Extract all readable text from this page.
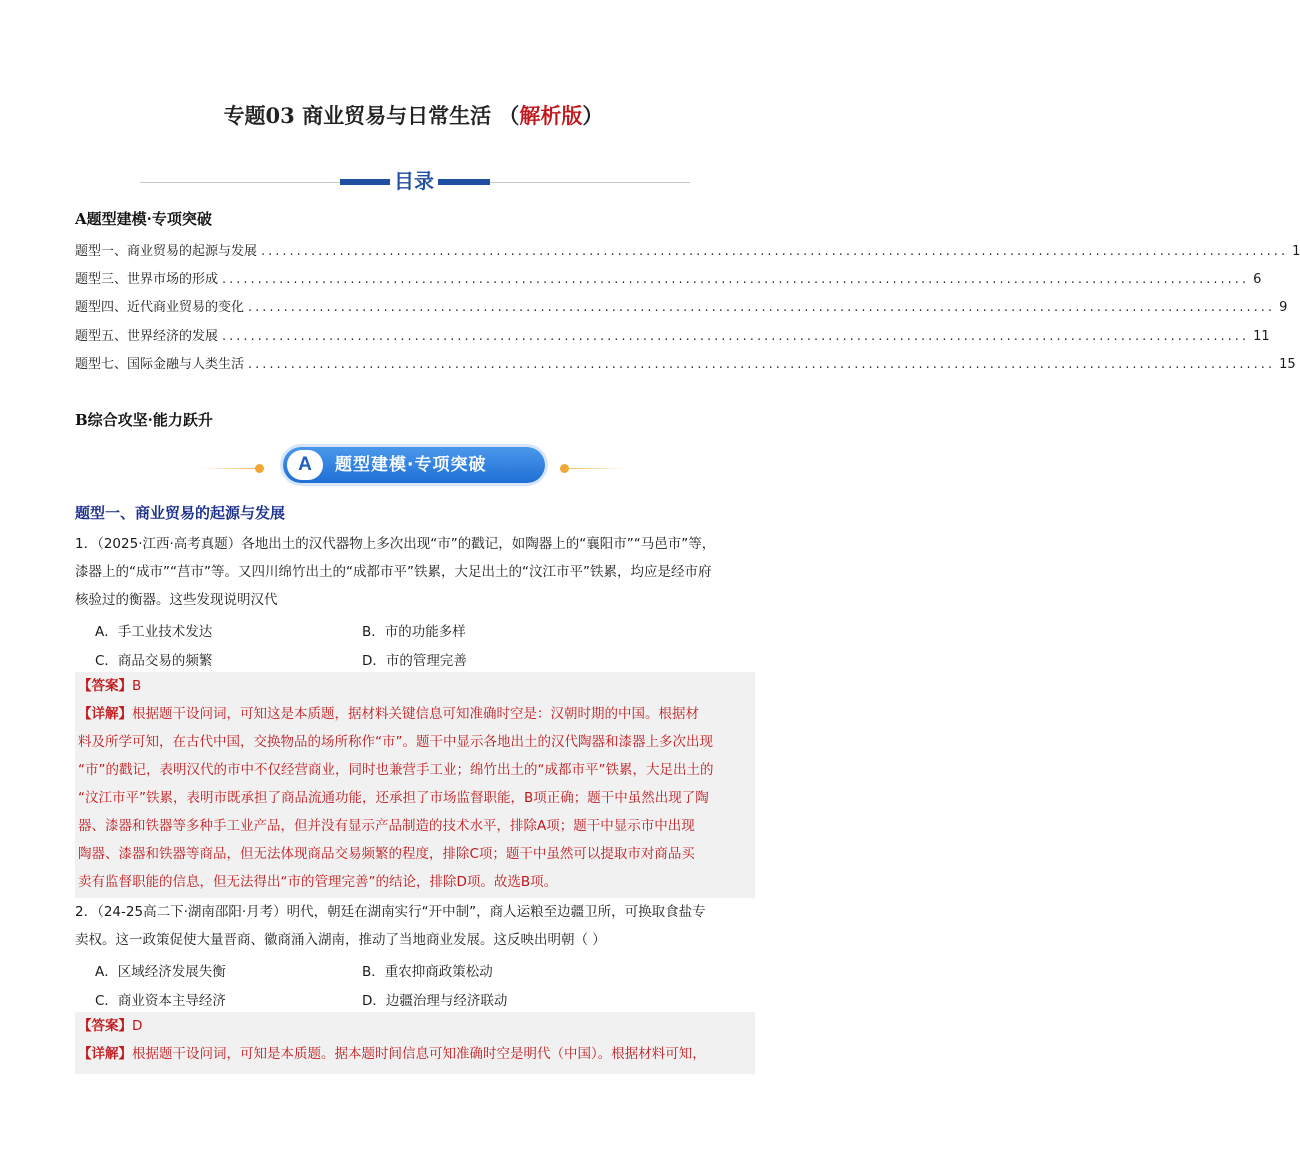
专题03 商业贸易与日常生活 （解析版）
目录
A题型建模·专项突破
题型一、商业贸易的起源与发展 ................................................................................................................................................ 1
题型三、世界市场的形成 ................................................................................................................................................ 6
题型四、近代商业贸易的变化 ................................................................................................................................................ 9
题型五、世界经济的发展 ................................................................................................................................................ 11
题型七、国际金融与人类生活 ................................................................................................................................................ 15
B综合攻坚·能力跃升
A	题型建模·专项突破
题型一、商业贸易的起源与发展
1．（2025·江西·高考真题）各地出土的汉代器物上多次出现“市”的戳记，如陶器上的“襄阳市”“马邑市”等，
漆器上的“成市”“莒市”等。又四川绵竹出土的“成都市平”铁累，大足出土的“汶江市平”铁累，均应是经市府
核验过的衡器。这些发现说明汉代
A．手工业技术发达	B．市的功能多样
C．商品交易的频繁	D．市的管理完善
【答案】B
【详解】根据题干设问词，可知这是本质题，据材料关键信息可知准确时空是：汉朝时期的中国。根据材
料及所学可知，在古代中国，交换物品的场所称作“市”。题干中显示各地出土的汉代陶器和漆器上多次出现
“市”的戳记，表明汉代的市中不仅经营商业，同时也兼营手工业；绵竹出土的“成都市平”铁累，大足出土的
“汶江市平”铁累，表明市既承担了商品流通功能，还承担了市场监督职能，B项正确；题干中虽然出现了陶
器、漆器和铁器等多种手工业产品，但并没有显示产品制造的技术水平，排除A项；题干中显示市中出现
陶器、漆器和铁器等商品，但无法体现商品交易频繁的程度，排除C项；题干中虽然可以提取市对商品买
卖有监督职能的信息，但无法得出“市的管理完善”的结论，排除D项。故选B项。
2．（24-25高二下·湖南邵阳·月考）明代，朝廷在湖南实行“开中制”，商人运粮至边疆卫所，可换取食盐专
卖权。这一政策促使大量晋商、徽商涌入湖南，推动了当地商业发展。这反映出明朝（ ）
A．区域经济发展失衡	B．重农抑商政策松动
C．商业资本主导经济	D．边疆治理与经济联动
【答案】D
【详解】根据题干设问词，可知是本质题。据本题时间信息可知准确时空是明代（中国）。根据材料可知，
